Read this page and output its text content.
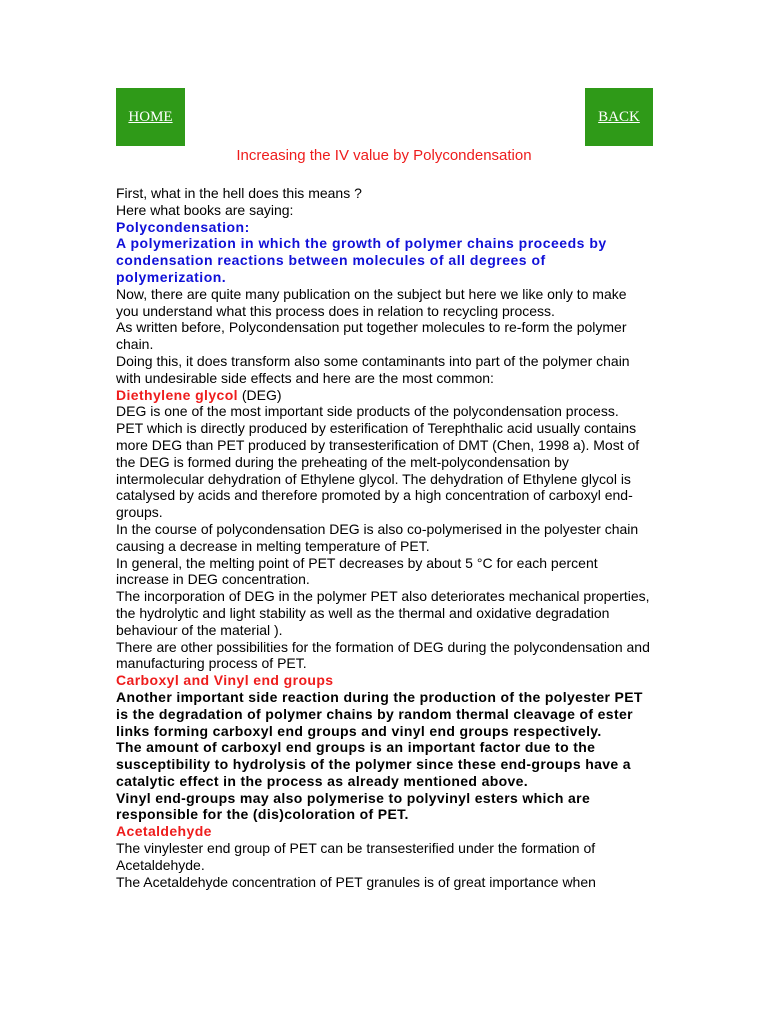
HOME	BACK
Increasing the IV value by Polycondensation

First, what in the hell does this means ?

Here what books are saying:

Polycondensation:

A polymerization in which the growth of polymer chains proceeds by condensation reactions between molecules of all degrees of polymerization.

Now, there are quite many publication on the subject but here we like only to make you understand what this process does in relation to recycling process.

As written before, Polycondensation put together molecules to re-form the polymer chain.

Doing this, it does transform also some contaminants into part of the polymer chain with undesirable side effects and here are the most common:

Diethylene glycol (DEG)

DEG is one of the most important side products of the polycondensation process.

PET which is directly produced by esterification of Terephthalic acid usually contains more DEG than PET produced by transesterification of DMT (Chen, 1998 a). Most of the DEG is formed during the preheating of the melt-polycondensation by intermolecular dehydration of Ethylene glycol. The dehydration of Ethylene glycol is catalysed by acids and therefore promoted by a high concentration of carboxyl end-groups.

In the course of polycondensation DEG is also co-polymerised in the polyester chain causing a decrease in melting temperature of PET.

In general, the melting point of PET decreases by about 5 °C for each percent increase in DEG concentration.

The incorporation of DEG in the polymer PET also deteriorates mechanical properties, the hydrolytic and light stability as well as the thermal and oxidative degradation behaviour of the material ).

There are other possibilities for the formation of DEG during the polycondensation and manufacturing process of PET.

Carboxyl and Vinyl end groups

Another important side reaction during the production of the polyester PET is the degradation of polymer chains by random thermal cleavage of ester links forming carboxyl end groups and vinyl end groups respectively.

The amount of carboxyl end groups is an important factor due to the susceptibility to hydrolysis of the polymer since these end-groups have a catalytic effect in the process as already mentioned above.

Vinyl end-groups may also polymerise to polyvinyl esters which are responsible for the (dis)coloration of PET.

Acetaldehyde

The vinylester end group of PET can be transesterified under the formation of Acetaldehyde.

The Acetaldehyde concentration of PET granules is of great importance when
